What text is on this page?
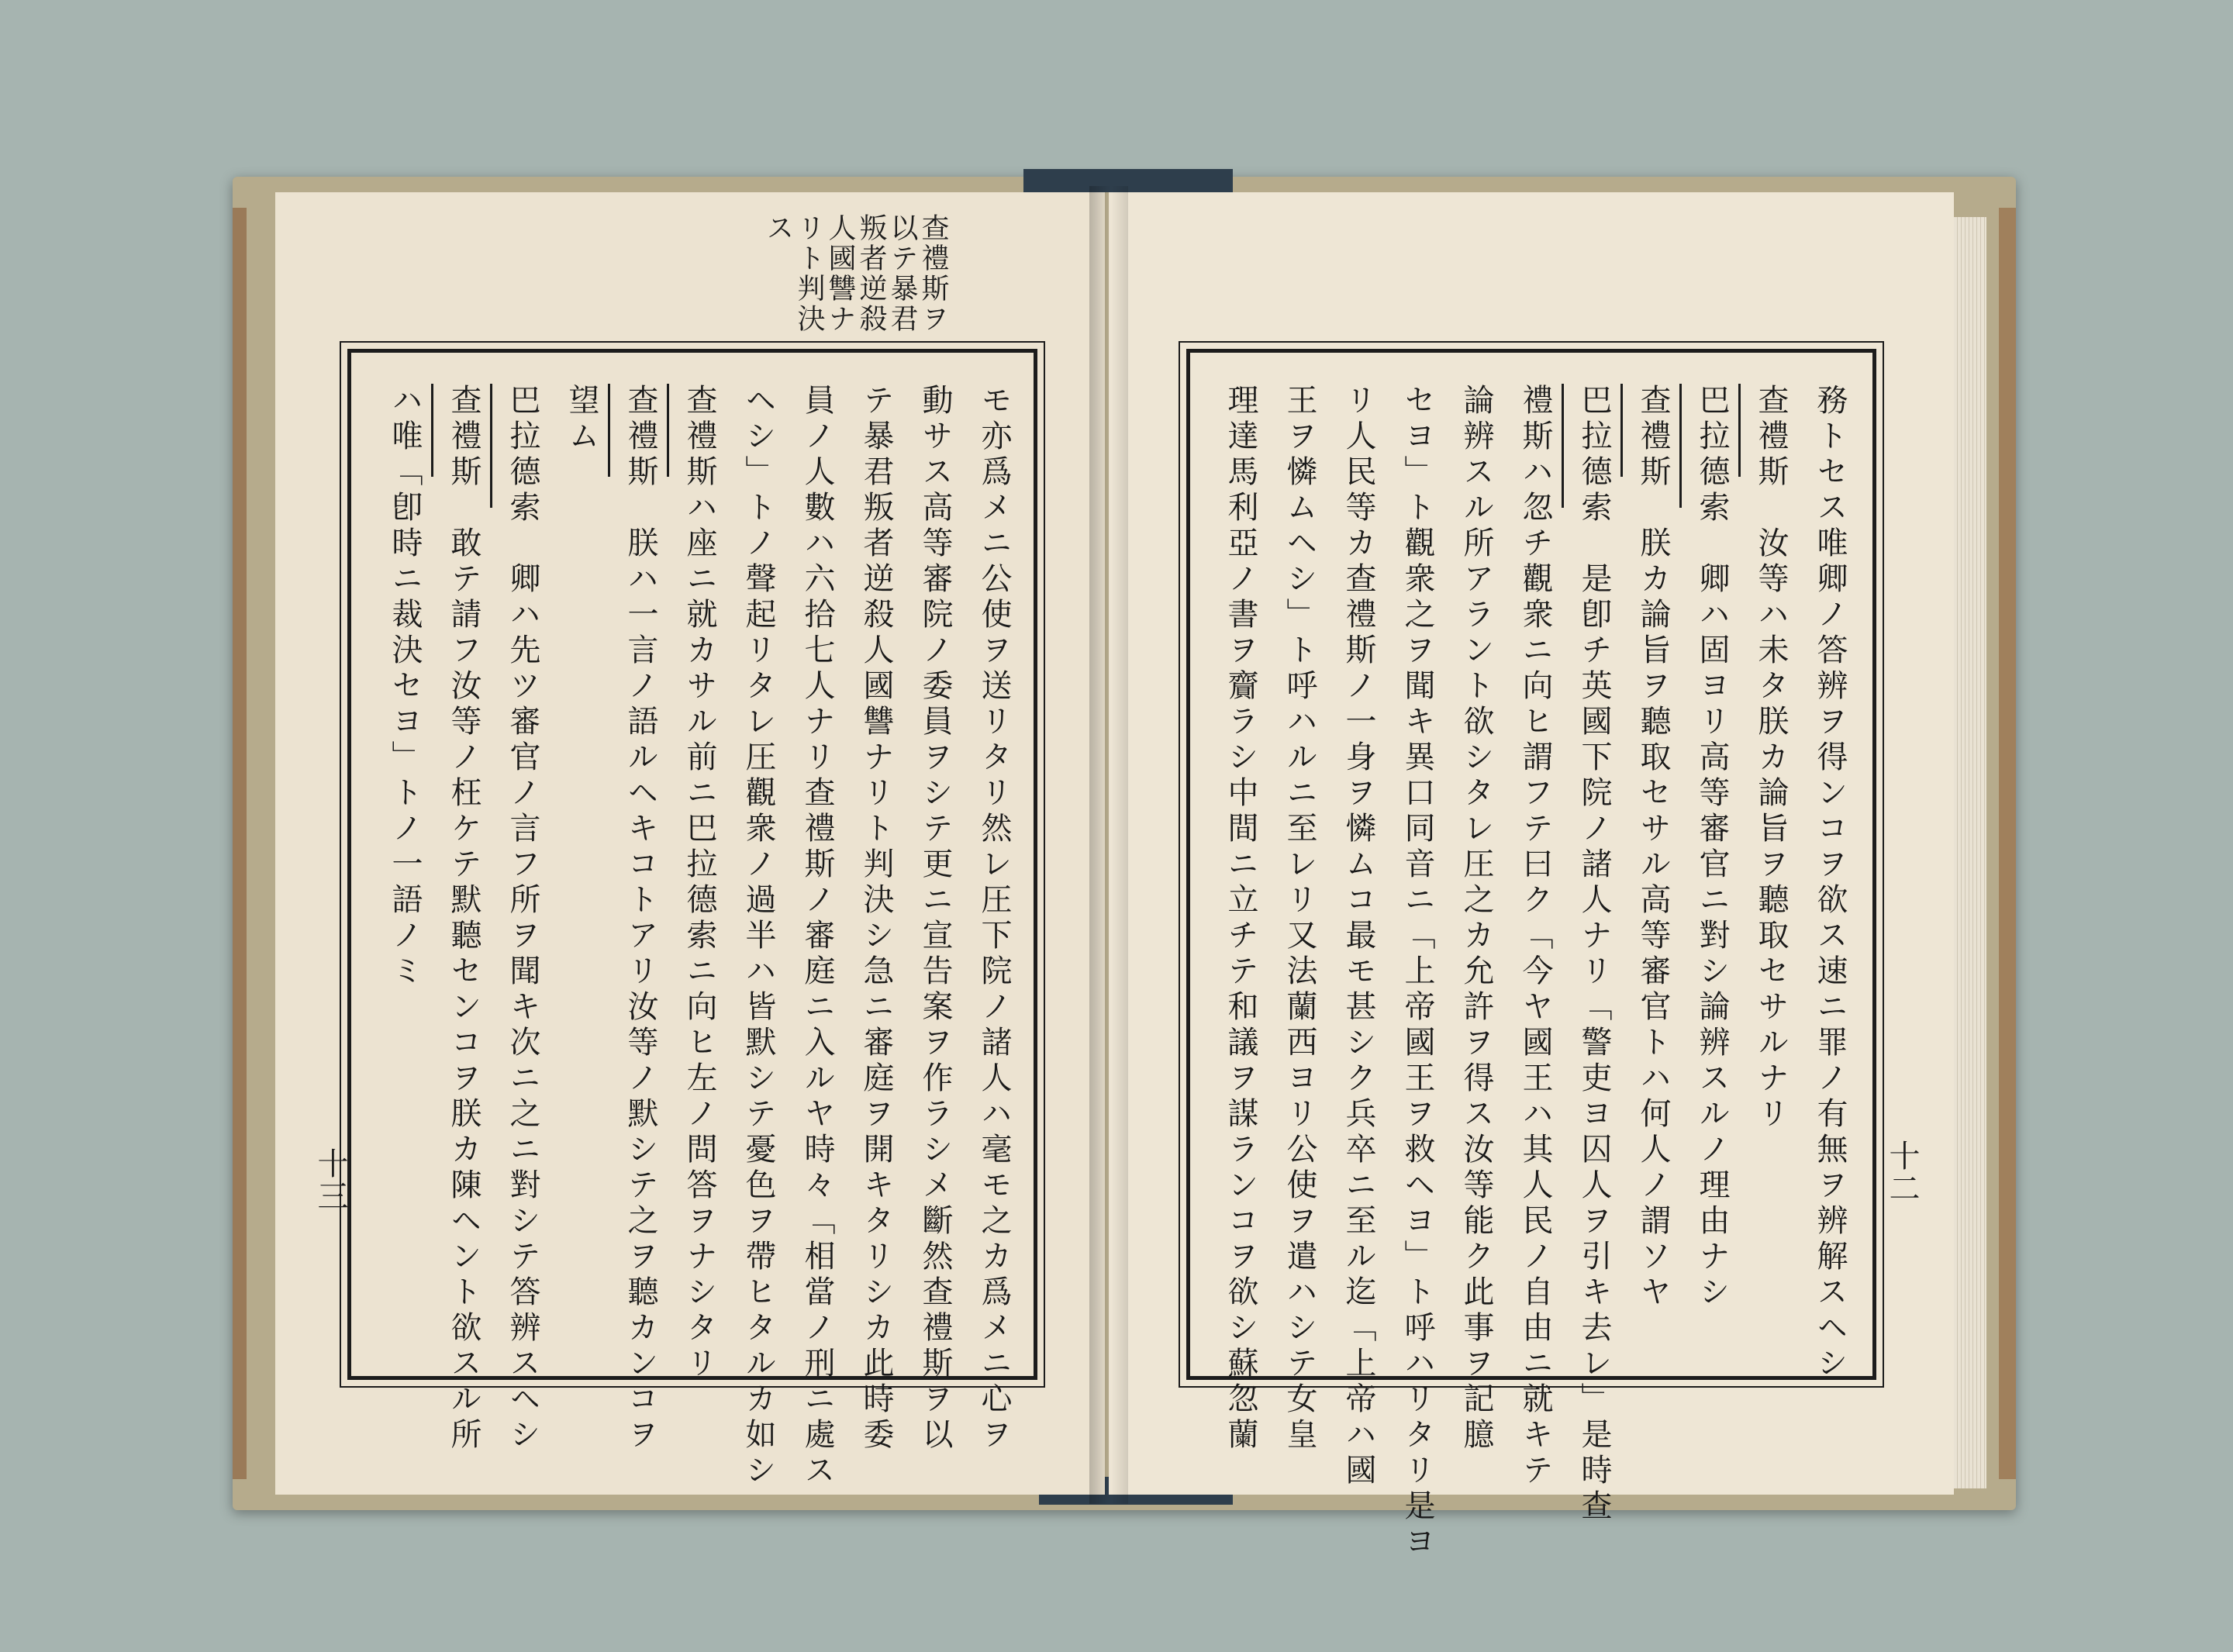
查禮斯ヲ
以テ暴君
叛者逆殺
人國讐ナ
リト判決
ス
モ亦爲メニ公使ヲ送リタリ然レ圧下院ノ諸人ハ毫モ之カ爲メニ心ヲ
動サス高等審院ノ委員ヲシテ更ニ宣告案ヲ作ラシメ斷然查禮斯ヲ以
テ暴君叛者逆殺人國讐ナリト判決シ急ニ審庭ヲ開キタリシカ此時委
員ノ人數ハ六拾七人ナリ查禮斯ノ審庭ニ入ルヤ時々「相當ノ刑ニ處ス
ヘシ」トノ聲起リタレ圧觀衆ノ過半ハ皆默シテ憂色ヲ帶ヒタルカ如シ
查禮斯ハ座ニ就カサル前ニ巴拉德索ニ向ヒ左ノ問答ヲナシタリ
查禮斯　朕ハ一言ノ語ルヘキコトアリ汝等ノ默シテ之ヲ聽カンコヲ
望ム
巴拉德索　卿ハ先ツ審官ノ言フ所ヲ聞キ次ニ之ニ對シテ答辨スヘシ
查禮斯　敢テ請フ汝等ノ枉ケテ默聽センコヲ朕カ陳ヘント欲スル所
ハ唯「卽時ニ裁決セヨ」トノ一語ノミ
十三
　　　　	務トセス唯卿ノ答辨ヲ得ンコヲ欲ス速ニ罪ノ有無ヲ辨解スヘシ
查禮斯　汝等ハ未タ朕カ論旨ヲ聽取セサルナリ
巴拉德索　卿ハ固ヨリ高等審官ニ對シ論辨スルノ理由ナシ
查禮斯　朕カ論旨ヲ聽取セサル高等審官トハ何人ノ謂ソヤ
巴拉德索　是卽チ英國下院ノ諸人ナリ「警吏ヨ囚人ヲ引キ去レ」是時查
禮斯ハ忽チ觀衆ニ向ヒ謂フテ曰ク「今ヤ國王ハ其人民ノ自由ニ就キテ
論辨スル所アラント欲シタレ圧之カ允許ヲ得ス汝等能ク此事ヲ記臆
セヨ」ト觀衆之ヲ聞キ異口同音ニ「上帝國王ヲ救ヘヨ」ト呼ハリタリ是ヨ
リ人民等カ查禮斯ノ一身ヲ憐ムコ最モ甚シク兵卒ニ至ル迄「上帝ハ國
王ヲ憐ムヘシ」ト呼ハルニ至レリ又法蘭西ヨリ公使ヲ遣ハシテ女皇
理達馬利亞ノ書ヲ齎ラシ中間ニ立チテ和議ヲ謀ランコヲ欲シ蘇忽蘭	十二
